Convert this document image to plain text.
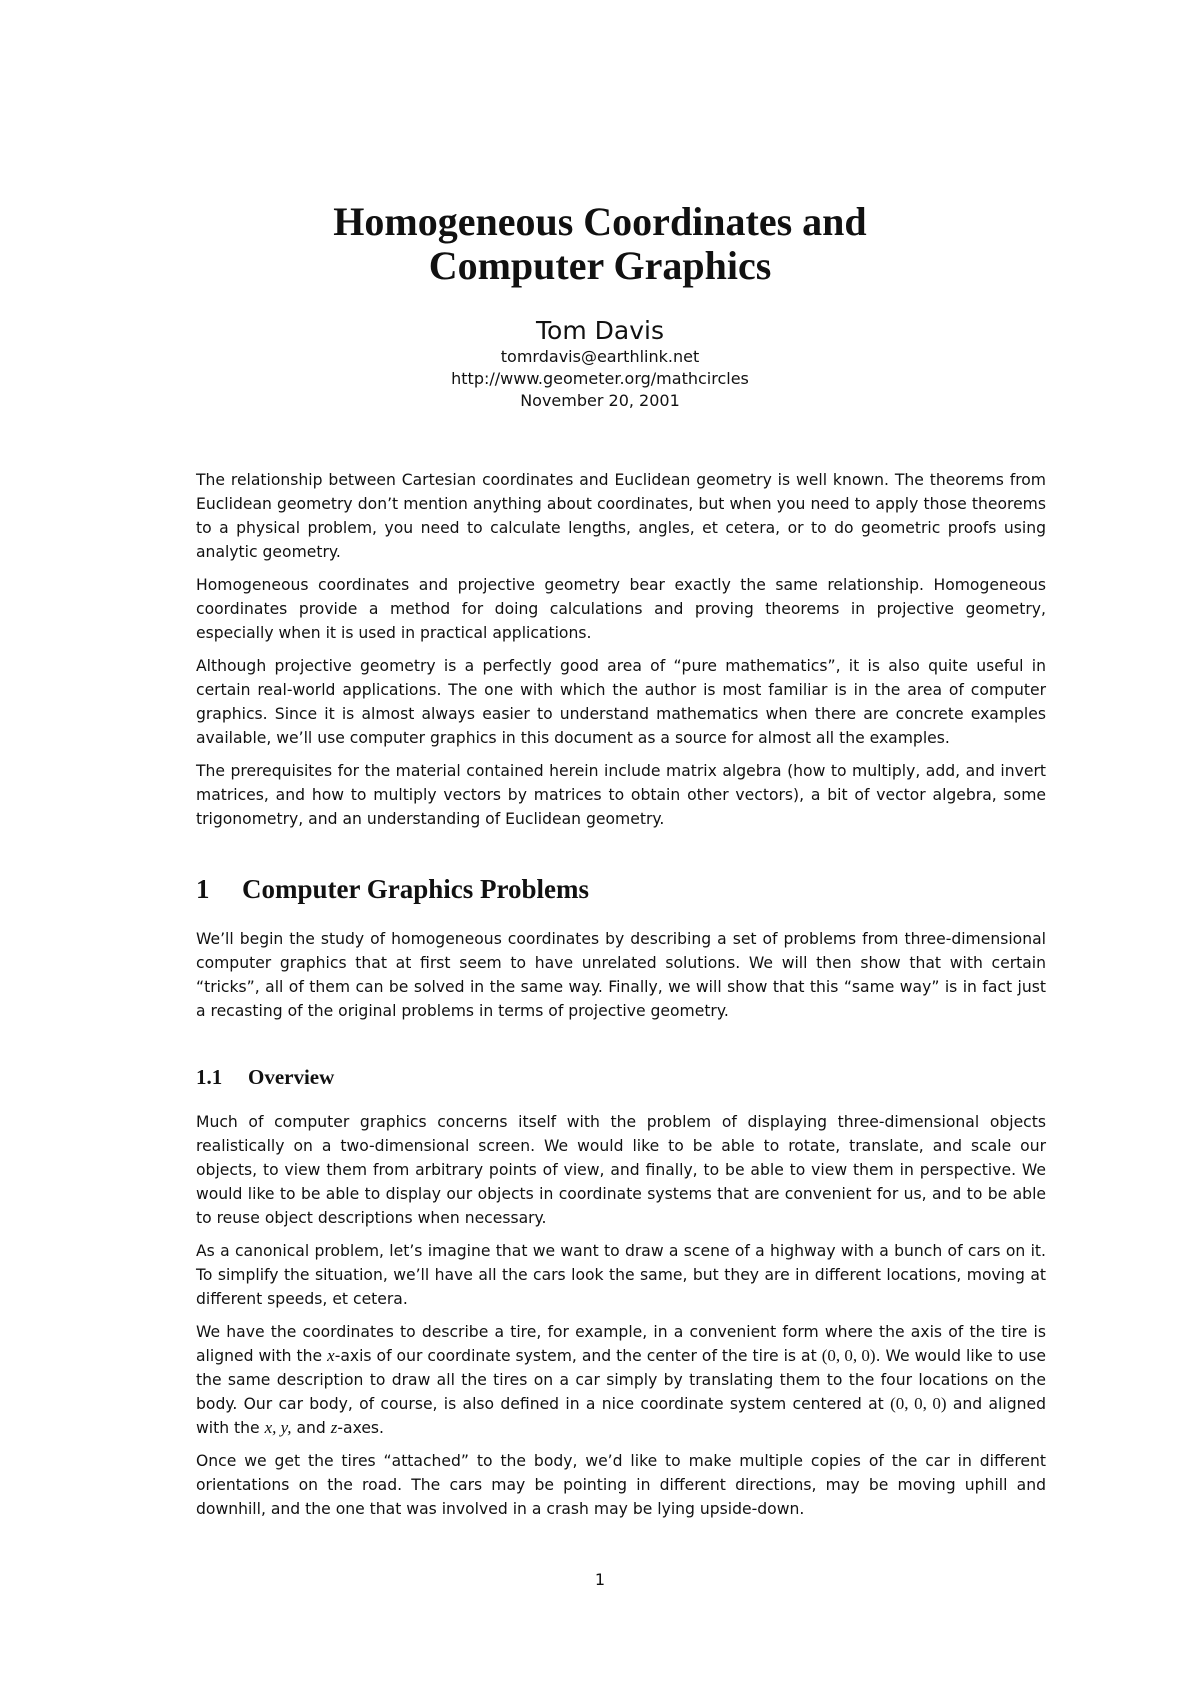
Homogeneous Coordinates and
Computer Graphics
Tom Davis
tomrdavis@earthlink.net
http://www.geometer.org/mathcircles
November 20, 2001

The relationship between Cartesian coordinates and Euclidean geometry is well known. The theorems from Euclidean geometry don’t mention anything about coordinates, but when you need to apply those theorems to a physical problem, you need to calculate lengths, angles, et cetera, or to do geometric proofs using analytic geometry.

Homogeneous coordinates and projective geometry bear exactly the same relationship. Homogeneous coordinates provide a method for doing calculations and proving theorems in projective geometry, especially when it is used in practical applications.

Although projective geometry is a perfectly good area of “pure mathematics”, it is also quite useful in certain real-world applications. The one with which the author is most familiar is in the area of computer graphics. Since it is almost always easier to understand mathematics when there are concrete examples available, we’ll use computer graphics in this document as a source for almost all the examples.

The prerequisites for the material contained herein include matrix algebra (how to multiply, add, and invert matrices, and how to multiply vectors by matrices to obtain other vectors), a bit of vector algebra, some trigonometry, and an understanding of Euclidean geometry.

1 Computer Graphics Problems

We’ll begin the study of homogeneous coordinates by describing a set of problems from three-dimensional computer graphics that at first seem to have unrelated solutions. We will then show that with certain “tricks”, all of them can be solved in the same way. Finally, we will show that this “same way” is in fact just a recasting of the original problems in terms of projective geometry.

1.1 Overview

Much of computer graphics concerns itself with the problem of displaying three-dimensional objects realistically on a two-dimensional screen. We would like to be able to rotate, translate, and scale our objects, to view them from arbitrary points of view, and finally, to be able to view them in perspective. We would like to be able to display our objects in coordinate systems that are convenient for us, and to be able to reuse object descriptions when necessary.

As a canonical problem, let’s imagine that we want to draw a scene of a highway with a bunch of cars on it. To simplify the situation, we’ll have all the cars look the same, but they are in different locations, moving at different speeds, et cetera.

We have the coordinates to describe a tire, for example, in a convenient form where the axis of the tire is aligned with the x-axis of our coordinate system, and the center of the tire is at (0, 0, 0). We would like to use the same description to draw all the tires on a car simply by translating them to the four locations on the body. Our car body, of course, is also defined in a nice coordinate system centered at (0, 0, 0) and aligned with the x, y, and z-axes.

Once we get the tires “attached” to the body, we’d like to make multiple copies of the car in different orientations on the road. The cars may be pointing in different directions, may be moving uphill and downhill, and the one that was involved in a crash may be lying upside-down.

1
